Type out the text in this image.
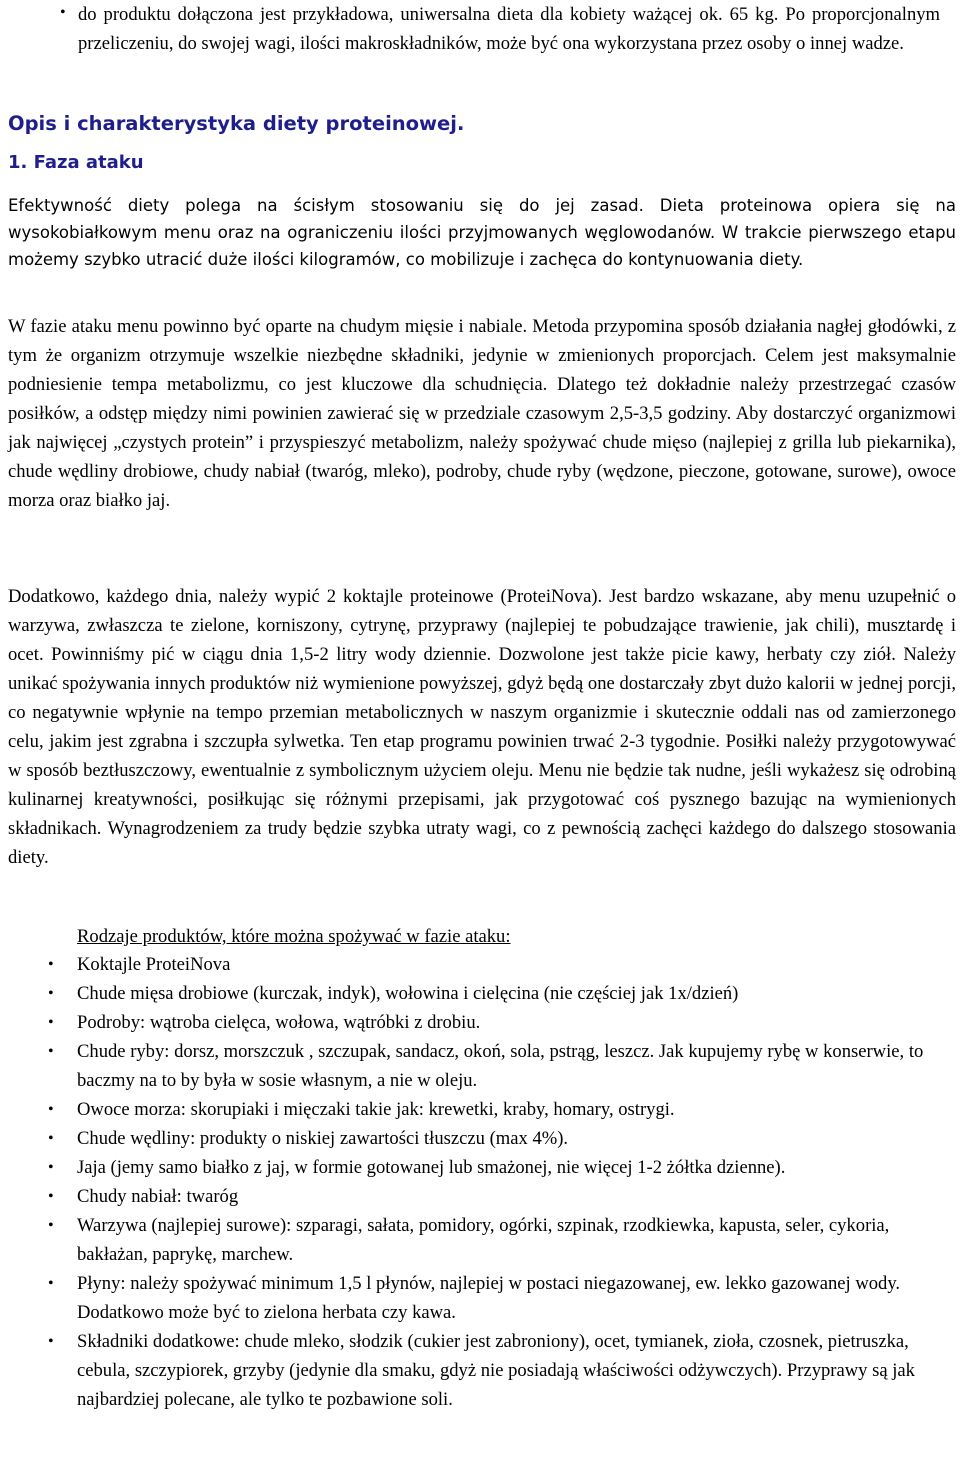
• do produktu dołączona jest przykładowa, uniwersalna dieta dla kobiety ważącej ok. 65 kg. Po proporcjonalnym przeliczeniu, do swojej wagi, ilości makroskładników, może być ona wykorzystana przez osoby o innej wadze.
Opis i charakterystyka diety proteinowej.
1. Faza ataku

Efektywność diety polega na ścisłym stosowaniu się do jej zasad. Dieta proteinowa opiera się na wysokobiałkowym menu oraz na ograniczeniu ilości przyjmowanych węglowodanów. W trakcie pierwszego etapu możemy szybko utracić duże ilości kilogramów, co mobilizuje i zachęca do kontynuowania diety.

W fazie ataku menu powinno być oparte na chudym mięsie i nabiale. Metoda przypomina sposób działania nagłej głodówki, z tym że organizm otrzymuje wszelkie niezbędne składniki, jedynie w zmienionych proporcjach. Celem jest maksymalnie podniesienie tempa metabolizmu, co jest kluczowe dla schudnięcia. Dlatego też dokładnie należy przestrzegać czasów posiłków, a odstęp między nimi powinien zawierać się w przedziale czasowym 2,5-3,5 godziny. Aby dostarczyć organizmowi jak najwięcej „czystych protein” i przyspieszyć metabolizm, należy spożywać chude mięso (najlepiej z grilla lub piekarnika), chude wędliny drobiowe, chudy nabiał (twaróg, mleko), podroby, chude ryby (wędzone, pieczone, gotowane, surowe), owoce morza oraz białko jaj.

Dodatkowo, każdego dnia, należy wypić 2 koktajle proteinowe (ProteiNova). Jest bardzo wskazane, aby menu uzupełnić o warzywa, zwłaszcza te zielone, korniszony, cytrynę, przyprawy (najlepiej te pobudzające trawienie, jak chili), musztardę i ocet. Powinniśmy pić w ciągu dnia 1,5-2 litry wody dziennie. Dozwolone jest także picie kawy, herbaty czy ziół. Należy unikać spożywania innych produktów niż wymienione powyższej, gdyż będą one dostarczały zbyt dużo kalorii w jednej porcji, co negatywnie wpłynie na tempo przemian metabolicznych w naszym organizmie i skutecznie oddali nas od zamierzonego celu, jakim jest zgrabna i szczupła sylwetka. Ten etap programu powinien trwać 2-3 tygodnie. Posiłki należy przygotowywać w sposób beztłuszczowy, ewentualnie z symbolicznym użyciem oleju. Menu nie będzie tak nudne, jeśli wykażesz się odrobiną kulinarnej kreatywności, posiłkując się różnymi przepisami, jak przygotować coś pysznego bazując na wymienionych składnikach. Wynagrodzeniem za trudy będzie szybka utraty wagi, co z pewnością zachęci każdego do dalszego stosowania diety.

Rodzaje produktów, które można spożywać w fazie ataku:

• Koktajle ProteiNova
• Chude mięsa drobiowe (kurczak, indyk), wołowina i cielęcina (nie częściej jak 1x/dzień)
• Podroby: wątroba cielęca, wołowa, wątróbki z drobiu.
• Chude ryby: dorsz, morszczuk , szczupak, sandacz, okoń, sola, pstrąg, leszcz. Jak kupujemy rybę w konserwie, to baczmy na to by była w sosie własnym, a nie w oleju.
• Owoce morza: skorupiaki i mięczaki takie jak: krewetki, kraby, homary, ostrygi.
• Chude wędliny: produkty o niskiej zawartości tłuszczu (max 4%).
• Jaja (jemy samo białko z jaj, w formie gotowanej lub smażonej, nie więcej 1-2 żółtka dzienne).
• Chudy nabiał: twaróg
• Warzywa (najlepiej surowe): szparagi, sałata, pomidory, ogórki, szpinak, rzodkiewka, kapusta, seler, cykoria, bakłażan, paprykę, marchew.
• Płyny: należy spożywać minimum 1,5 l płynów, najlepiej w postaci niegazowanej, ew. lekko gazowanej wody. Dodatkowo może być to zielona herbata czy kawa.
• Składniki dodatkowe: chude mleko, słodzik (cukier jest zabroniony), ocet, tymianek, zioła, czosnek, pietruszka, cebula, szczypiorek, grzyby (jedynie dla smaku, gdyż nie posiadają właściwości odżywczych). Przyprawy są jak najbardziej polecane, ale tylko te pozbawione soli.
